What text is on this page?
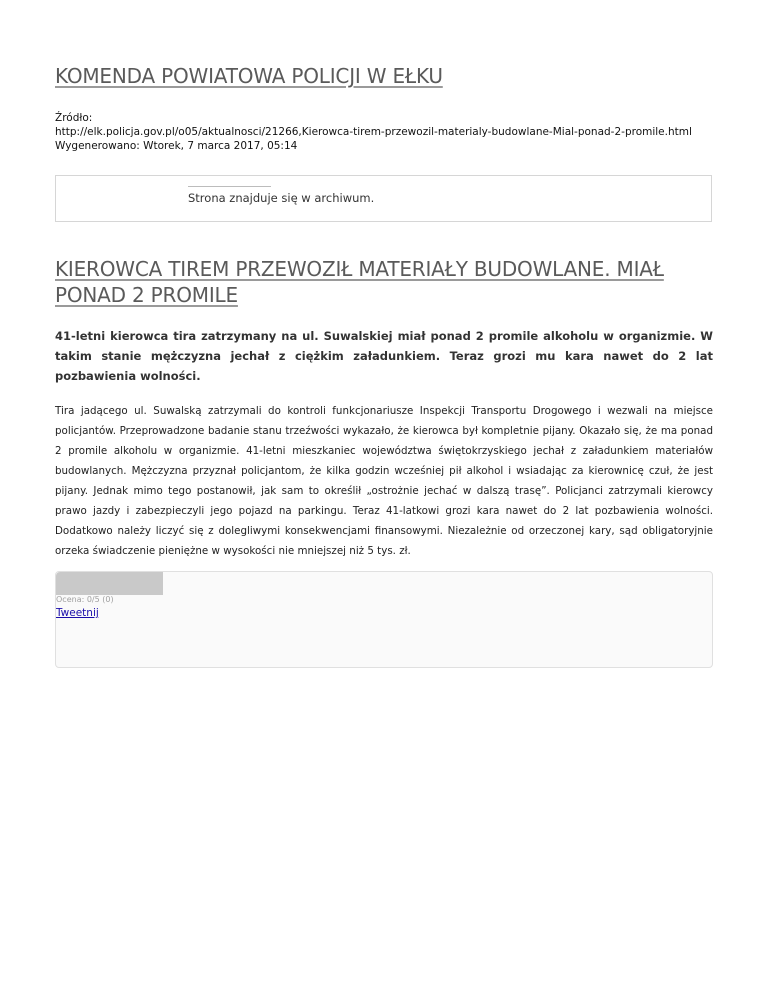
KOMENDA POWIATOWA POLICJI W EŁKU
Źródło:
http://elk.policja.gov.pl/o05/aktualnosci/21266,Kierowca-tirem-przewozil-materialy-budowlane-Mial-ponad-2-promile.html
Wygenerowano: Wtorek, 7 marca 2017, 05:14
Strona znajduje się w archiwum.
KIEROWCA TIREM PRZEWOZIŁ MATERIAŁY BUDOWLANE. MIAŁ PONAD 2 PROMILE

41-letni kierowca tira zatrzymany na ul. Suwalskiej miał ponad 2 promile alkoholu w organizmie. W takim stanie mężczyzna jechał z ciężkim załadunkiem. Teraz grozi mu kara nawet do 2 lat pozbawienia wolności.

Tira jadącego ul. Suwalską zatrzymali do kontroli funkcjonariusze Inspekcji Transportu Drogowego i wezwali na miejsce policjantów. Przeprowadzone badanie stanu trzeźwości wykazało, że kierowca był kompletnie pijany. Okazało się, że ma ponad 2 promile alkoholu w organizmie. 41-letni mieszkaniec województwa świętokrzyskiego jechał z załadunkiem materiałów budowlanych. Mężczyzna przyznał policjantom, że kilka godzin wcześniej pił alkohol i wsiadając za kierownicę czuł, że jest pijany. Jednak mimo tego postanowił, jak sam to określił „ostrożnie jechać w dalszą trasę”. Policjanci zatrzymali kierowcy prawo jazdy i zabezpieczyli jego pojazd na parkingu. Teraz 41-latkowi grozi kara nawet do 2 lat pozbawienia wolności. Dodatkowo należy liczyć się z dolegliwymi konsekwencjami finansowymi. Niezależnie od orzeczonej kary, sąd obligatoryjnie orzeka świadczenie pieniężne w wysokości nie mniejszej niż 5 tys. zł.

Ocena: 0/5 (0)
Tweetnij
